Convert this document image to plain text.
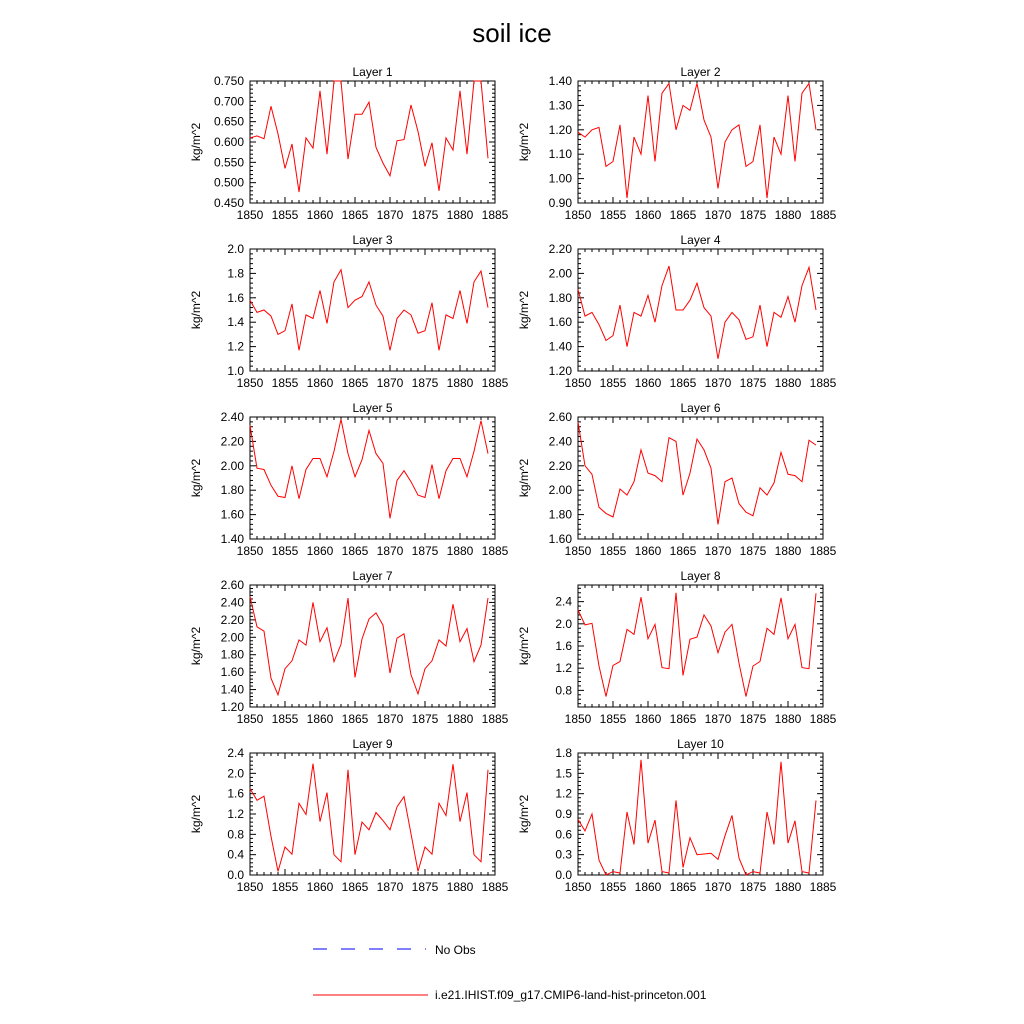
soil ice
Layer 1
1850 1855 1860 1865 1870 1875 1880 1885
0.450
0.500
0.550
0.600
0.650
0.700
0.750
kg/m^2
Layer 2
1850 1855 1860 1865 1870 1875 1880 1885
0.90
1.00
1.10
1.20
1.30
1.40
kg/m^2
Layer 3
1850 1855 1860 1865 1870 1875 1880 1885
1.0
1.2
1.4
1.6
1.8
2.0
kg/m^2
Layer 4
1850 1855 1860 1865 1870 1875 1880 1885
1.20
1.40
1.60
1.80
2.00
2.20
kg/m^2
Layer 5
1850 1855 1860 1865 1870 1875 1880 1885
1.40
1.60
1.80
2.00
2.20
2.40
kg/m^2
Layer 6
1850 1855 1860 1865 1870 1875 1880 1885
1.60
1.80
2.00
2.20
2.40
2.60
kg/m^2
Layer 7
1850 1855 1860 1865 1870 1875 1880 1885
1.20
1.40
1.60
1.80
2.00
2.20
2.40
2.60
kg/m^2
Layer 8
1850 1855 1860 1865 1870 1875 1880 1885
0.8
1.2
1.6
2.0
2.4
kg/m^2
Layer 9
1850 1855 1860 1865 1870 1875 1880 1885
0.0
0.4
0.8
1.2
1.6
2.0
2.4
kg/m^2
Layer 10
1850 1855 1860 1865 1870 1875 1880 1885
0.0
0.3
0.6
0.9
1.2
1.5
1.8
kg/m^2
No Obs
i.e21.IHIST.f09_g17.CMIP6-land-hist-princeton.001
